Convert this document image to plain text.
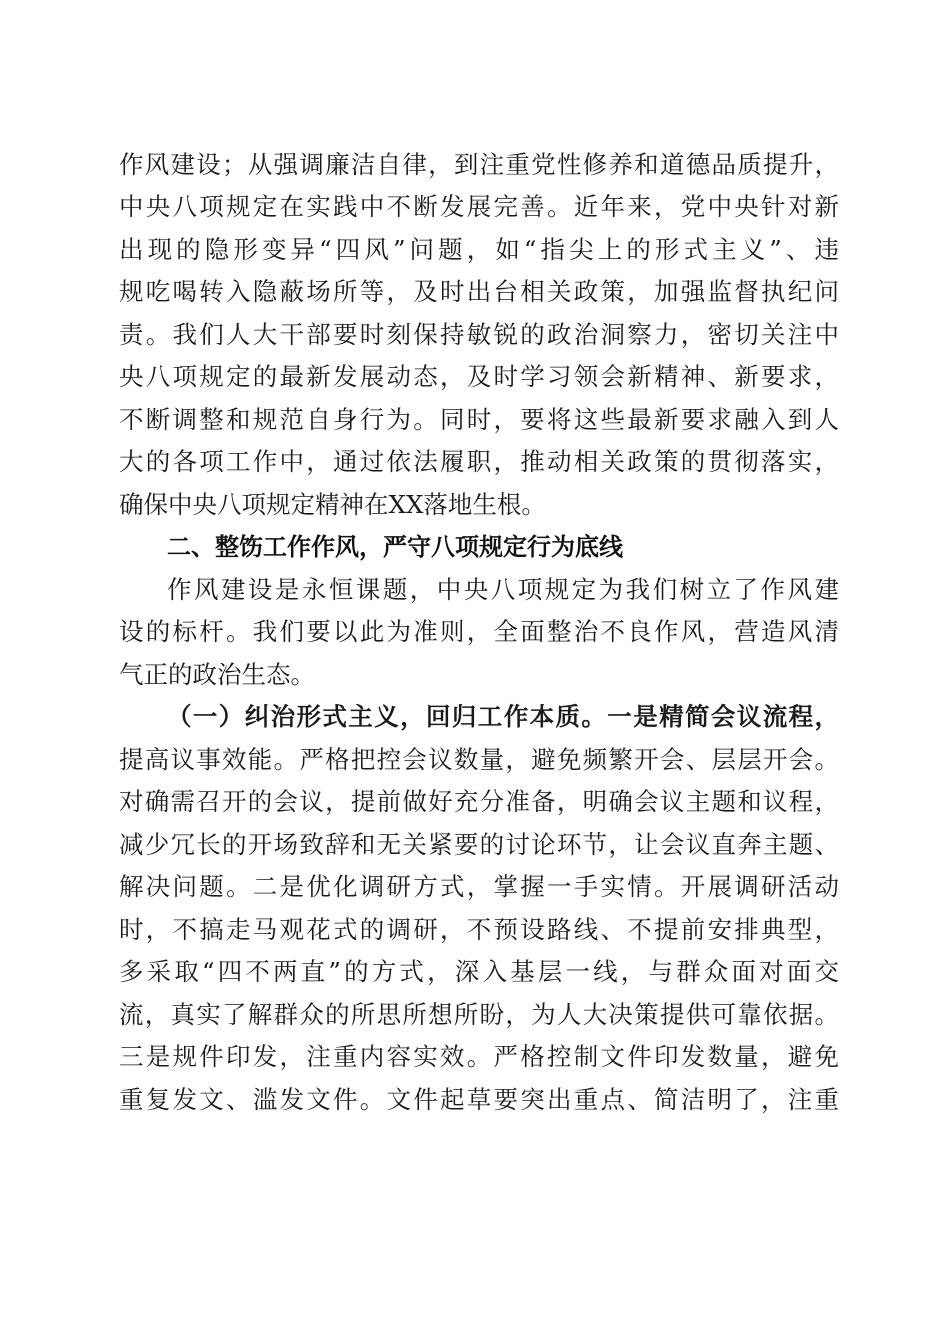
作风建设；从强调廉洁自律，到注重党性修养和道德品质提升，
中央八项规定在实践中不断发展完善。近年来，党中央针对新
出现的隐形变异“四风”问题，如“指尖上的形式主义”、违
规吃喝转入隐蔽场所等，及时出台相关政策，加强监督执纪问
责。我们人大干部要时刻保持敏锐的政治洞察力，密切关注中
央八项规定的最新发展动态，及时学习领会新精神、新要求，
不断调整和规范自身行为。同时，要将这些最新要求融入到人
大的各项工作中，通过依法履职，推动相关政策的贯彻落实，
确保中央八项规定精神在XX落地生根。
二、整饬工作作风，严守八项规定行为底线
作风建设是永恒课题，中央八项规定为我们树立了作风建
设的标杆。我们要以此为准则，全面整治不良作风，营造风清
气正的政治生态。
（一）纠治形式主义，回归工作本质。一是精简会议流程，
提高议事效能。严格把控会议数量，避免频繁开会、层层开会。
对确需召开的会议，提前做好充分准备，明确会议主题和议程，
减少冗长的开场致辞和无关紧要的讨论环节，让会议直奔主题、
解决问题。二是优化调研方式，掌握一手实情。开展调研活动
时，不搞走马观花式的调研，不预设路线、不提前安排典型，
多采取“四不两直”的方式，深入基层一线，与群众面对面交
流，真实了解群众的所思所想所盼，为人大决策提供可靠依据。
三是规件印发，注重内容实效。严格控制文件印发数量，避免
重复发文、滥发文件。文件起草要突出重点、简洁明了，注重
